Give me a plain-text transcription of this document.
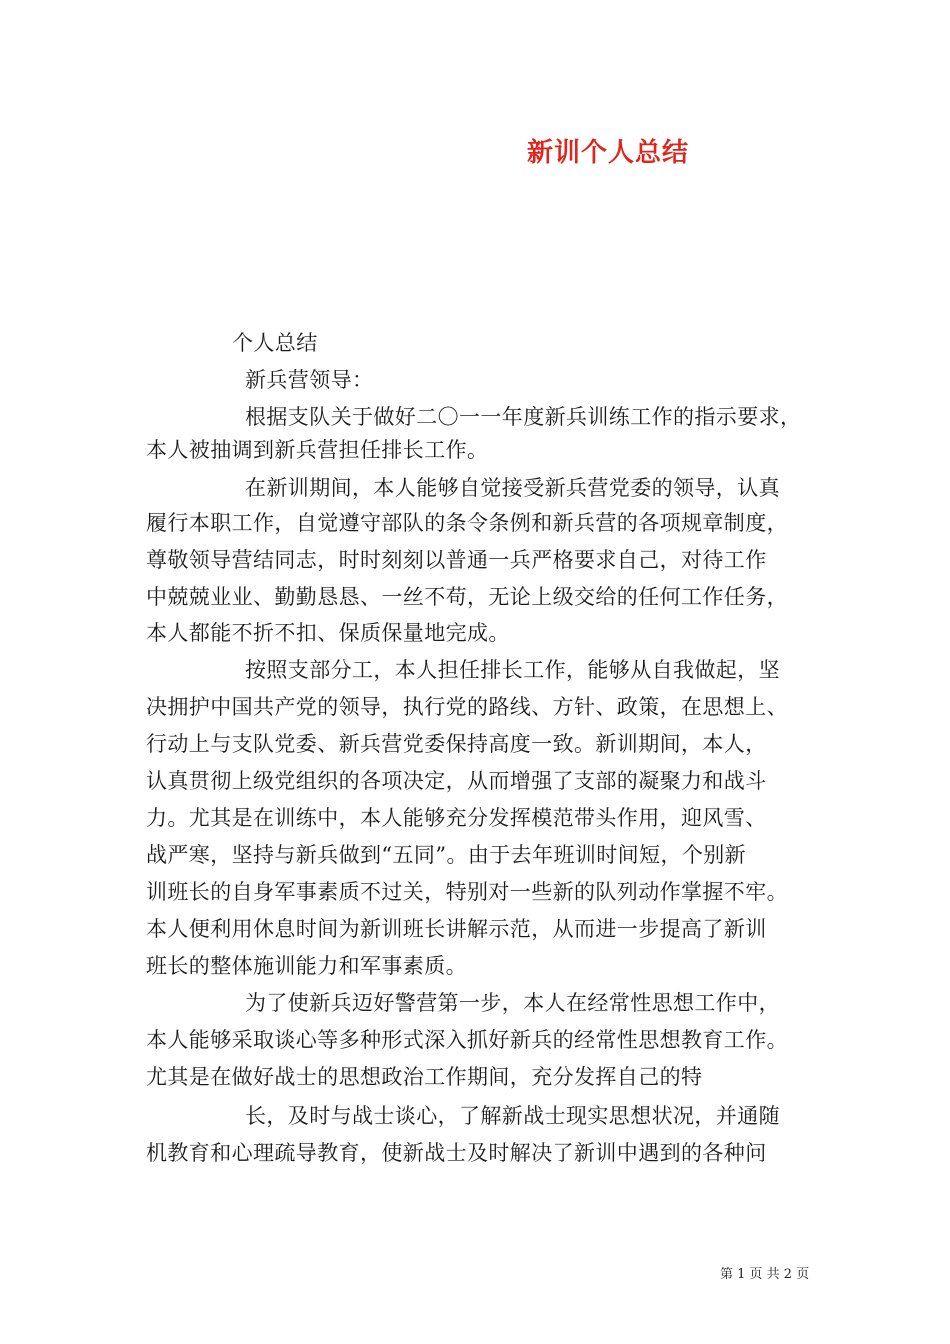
新训个人总结
个人总结
新兵营领导：
根据支队关于做好二〇一一年度新兵训练工作的指示要求，
本人被抽调到新兵营担任排长工作。
在新训期间，本人能够自觉接受新兵营党委的领导，认真
履行本职工作，自觉遵守部队的条令条例和新兵营的各项规章制度，
尊敬领导营结同志，时时刻刻以普通一兵严格要求自己，对待工作
中兢兢业业、勤勤恳恳、一丝不苟，无论上级交给的任何工作任务，
本人都能不折不扣、保质保量地完成。
按照支部分工，本人担任排长工作，能够从自我做起，坚
决拥护中国共产党的领导，执行党的路线、方针、政策，在思想上、
行动上与支队党委、新兵营党委保持高度一致。新训期间，本人，
认真贯彻上级党组织的各项决定，从而增强了支部的凝聚力和战斗
力。尤其是在训练中，本人能够充分发挥模范带头作用，迎风雪、
战严寒，坚持与新兵做到“五同”。由于去年班训时间短，个别新
训班长的自身军事素质不过关，特别对一些新的队列动作掌握不牢。
本人便利用休息时间为新训班长讲解示范，从而进一步提高了新训
班长的整体施训能力和军事素质。
为了使新兵迈好警营第一步，本人在经常性思想工作中，
本人能够采取谈心等多种形式深入抓好新兵的经常性思想教育工作。
尤其是在做好战士的思想政治工作期间，充分发挥自己的特
长，及时与战士谈心，了解新战士现实思想状况，并通随
机教育和心理疏导教育，使新战士及时解决了新训中遇到的各种问
第 1 页 共 2 页
